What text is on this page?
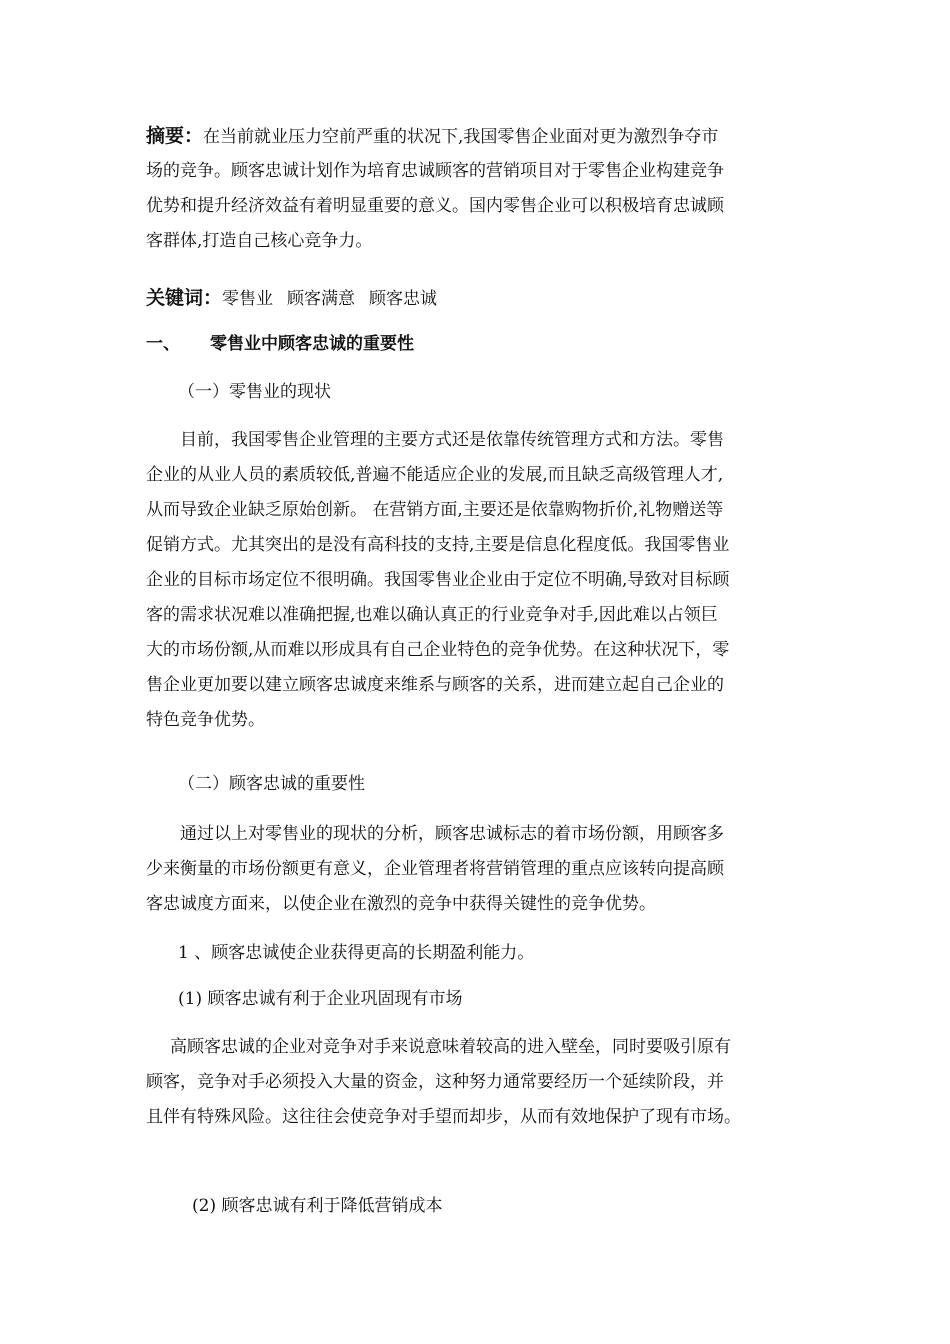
摘要：在当前就业压力空前严重的状况下,我国零售企业面对更为激烈争夺市
场的竞争。顾客忠诚计划作为培育忠诚顾客的营销项目对于零售企业构建竞争
优势和提升经济效益有着明显重要的意义。国内零售企业可以积极培育忠诚顾
客群体,打造自己核心竞争力。
关键词：零售业 顾客满意 顾客忠诚
一、 零售业中顾客忠诚的重要性
（一）零售业的现状
目前，我国零售企业管理的主要方式还是依靠传统管理方式和方法。零售
企业的从业人员的素质较低,普遍不能适应企业的发展,而且缺乏高级管理人才,
从而导致企业缺乏原始创新。 在营销方面,主要还是依靠购物折价,礼物赠送等
促销方式。尤其突出的是没有高科技的支持,主要是信息化程度低。我国零售业
企业的目标市场定位不很明确。我国零售业企业由于定位不明确,导致对目标顾
客的需求状况难以准确把握,也难以确认真正的行业竞争对手,因此难以占领巨
大的市场份额,从而难以形成具有自己企业特色的竞争优势。在这种状况下，零
售企业更加要以建立顾客忠诚度来维系与顾客的关系，进而建立起自己企业的
特色竞争优势。
（二）顾客忠诚的重要性
通过以上对零售业的现状的分析，顾客忠诚标志的着市场份额，用顾客多
少来衡量的市场份额更有意义，企业管理者将营销管理的重点应该转向提高顾
客忠诚度方面来，以使企业在激烈的竞争中获得关键性的竞争优势。
1 、顾客忠诚使企业获得更高的长期盈利能力。
(1) 顾客忠诚有利于企业巩固现有市场
高顾客忠诚的企业对竞争对手来说意味着较高的进入壁垒，同时要吸引原有
顾客，竞争对手必须投入大量的资金，这种努力通常要经历一个延续阶段，并
且伴有特殊风险。这往往会使竞争对手望而却步，从而有效地保护了现有市场。
(2) 顾客忠诚有利于降低营销成本
